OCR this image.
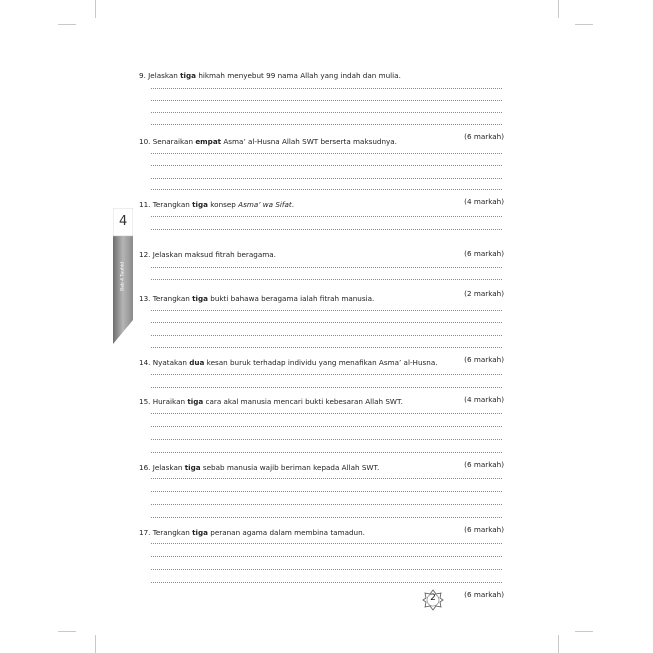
Bab 4 Tauhid
4
9. Jelaskan tiga hikmah menyebut 99 nama Allah yang indah dan mulia.
(6 markah)
10. Senaraikan empat Asma’ al-Husna Allah SWT berserta maksudnya.
(4 markah)
11. Terangkan tiga konsep Asma’ wa Sifat.
(6 markah)
12. Jelaskan maksud fitrah beragama.
(2 markah)
13. Terangkan tiga bukti bahawa beragama ialah fitrah manusia.
(6 markah)
14. Nyatakan dua kesan buruk terhadap individu yang menafikan Asma’ al-Husna.
(4 markah)
15. Huraikan tiga cara akal manusia mencari bukti kebesaran Allah SWT.
(6 markah)
16. Jelaskan tiga sebab manusia wajib beriman kepada Allah SWT.
(6 markah)
17. Terangkan tiga peranan agama dalam membina tamadun.
(6 markah)
2
